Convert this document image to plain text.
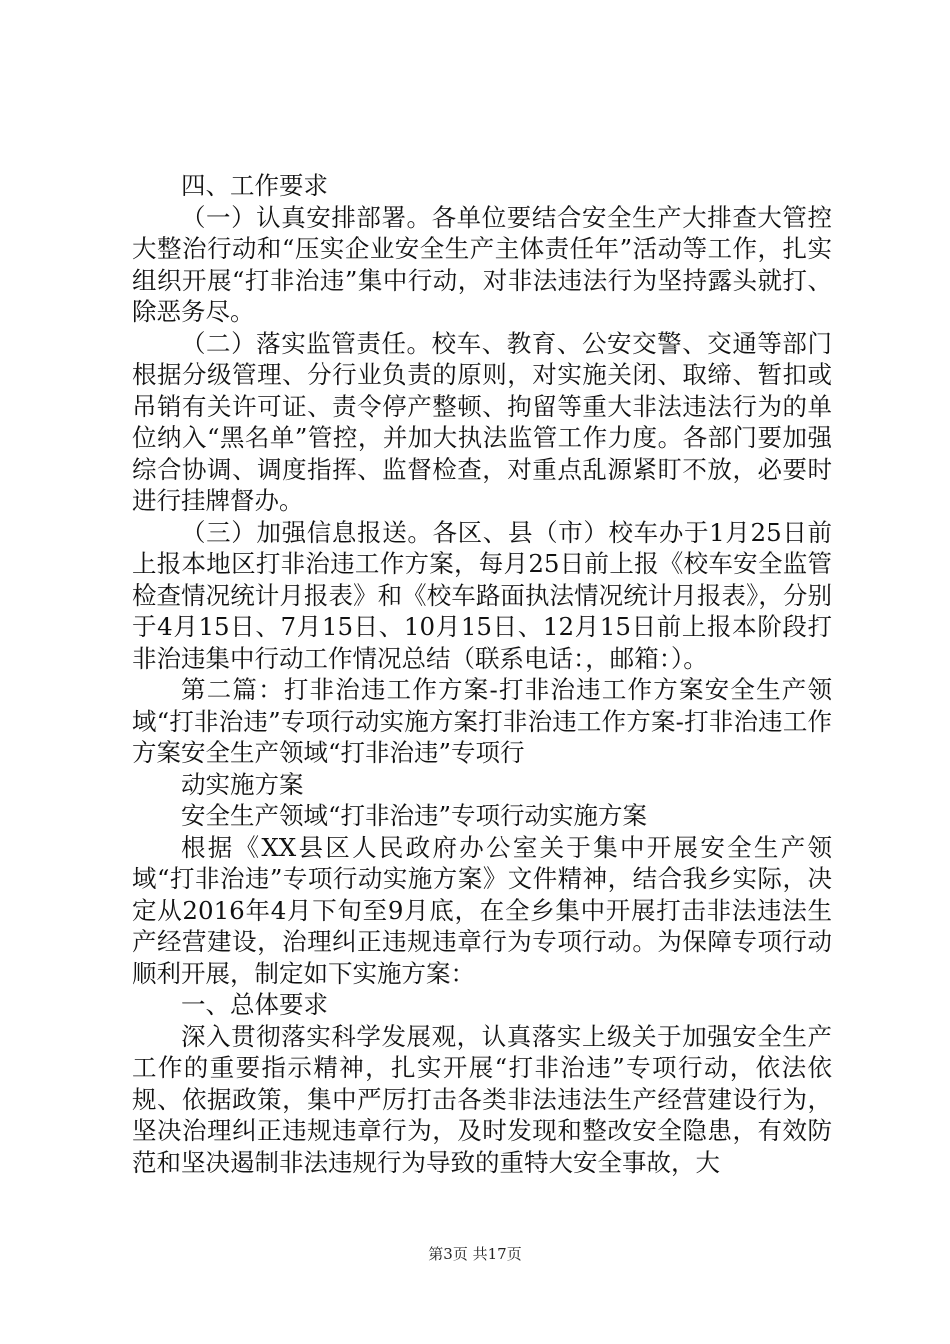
四、工作要求

（一）认真安排部署。各单位要结合安全生产大排查大管控大整治行动和“压实企业安全生产主体责任年”活动等工作，扎实组织开展“打非治违”集中行动，对非法违法行为坚持露头就打、除恶务尽。

（二）落实监管责任。校车、教育、公安交警、交通等部门根据分级管理、分行业负责的原则，对实施关闭、取缔、暂扣或吊销有关许可证、责令停产整顿、拘留等重大非法违法行为的单位纳入“黑名单”管控，并加大执法监管工作力度。各部门要加强综合协调、调度指挥、监督检查，对重点乱源紧盯不放，必要时进行挂牌督办。

（三）加强信息报送。各区、县（市）校车办于1月25日前上报本地区打非治违工作方案，每月25日前上报《校车安全监管检查情况统计月报表》和《校车路面执法情况统计月报表》，分别于4月15日、7月15日、10月15日、12月15日前上报本阶段打非治违集中行动工作情况总结（联系电话：，邮箱：）。

第二篇：打非治违工作方案-打非治违工作方案安全生产领域“打非治违”专项行动实施方案打非治违工作方案-打非治违工作方案安全生产领域“打非治违”专项行

动实施方案

安全生产领域“打非治违”专项行动实施方案

根据《XX县区人民政府办公室关于集中开展安全生产领域“打非治违”专项行动实施方案》文件精神，结合我乡实际，决定从2016年4月下旬至9月底，在全乡集中开展打击非法违法生产经营建设，治理纠正违规违章行为专项行动。为保障专项行动顺利开展，制定如下实施方案：

一、总体要求

深入贯彻落实科学发展观，认真落实上级关于加强安全生产工作的重要指示精神，扎实开展“打非治违”专项行动，依法依规、依据政策，集中严厉打击各类非法违法生产经营建设行为，坚决治理纠正违规违章行为，及时发现和整改安全隐患，有效防范和坚决遏制非法违规行为导致的重特大安全事故，大

第3页 共17页
